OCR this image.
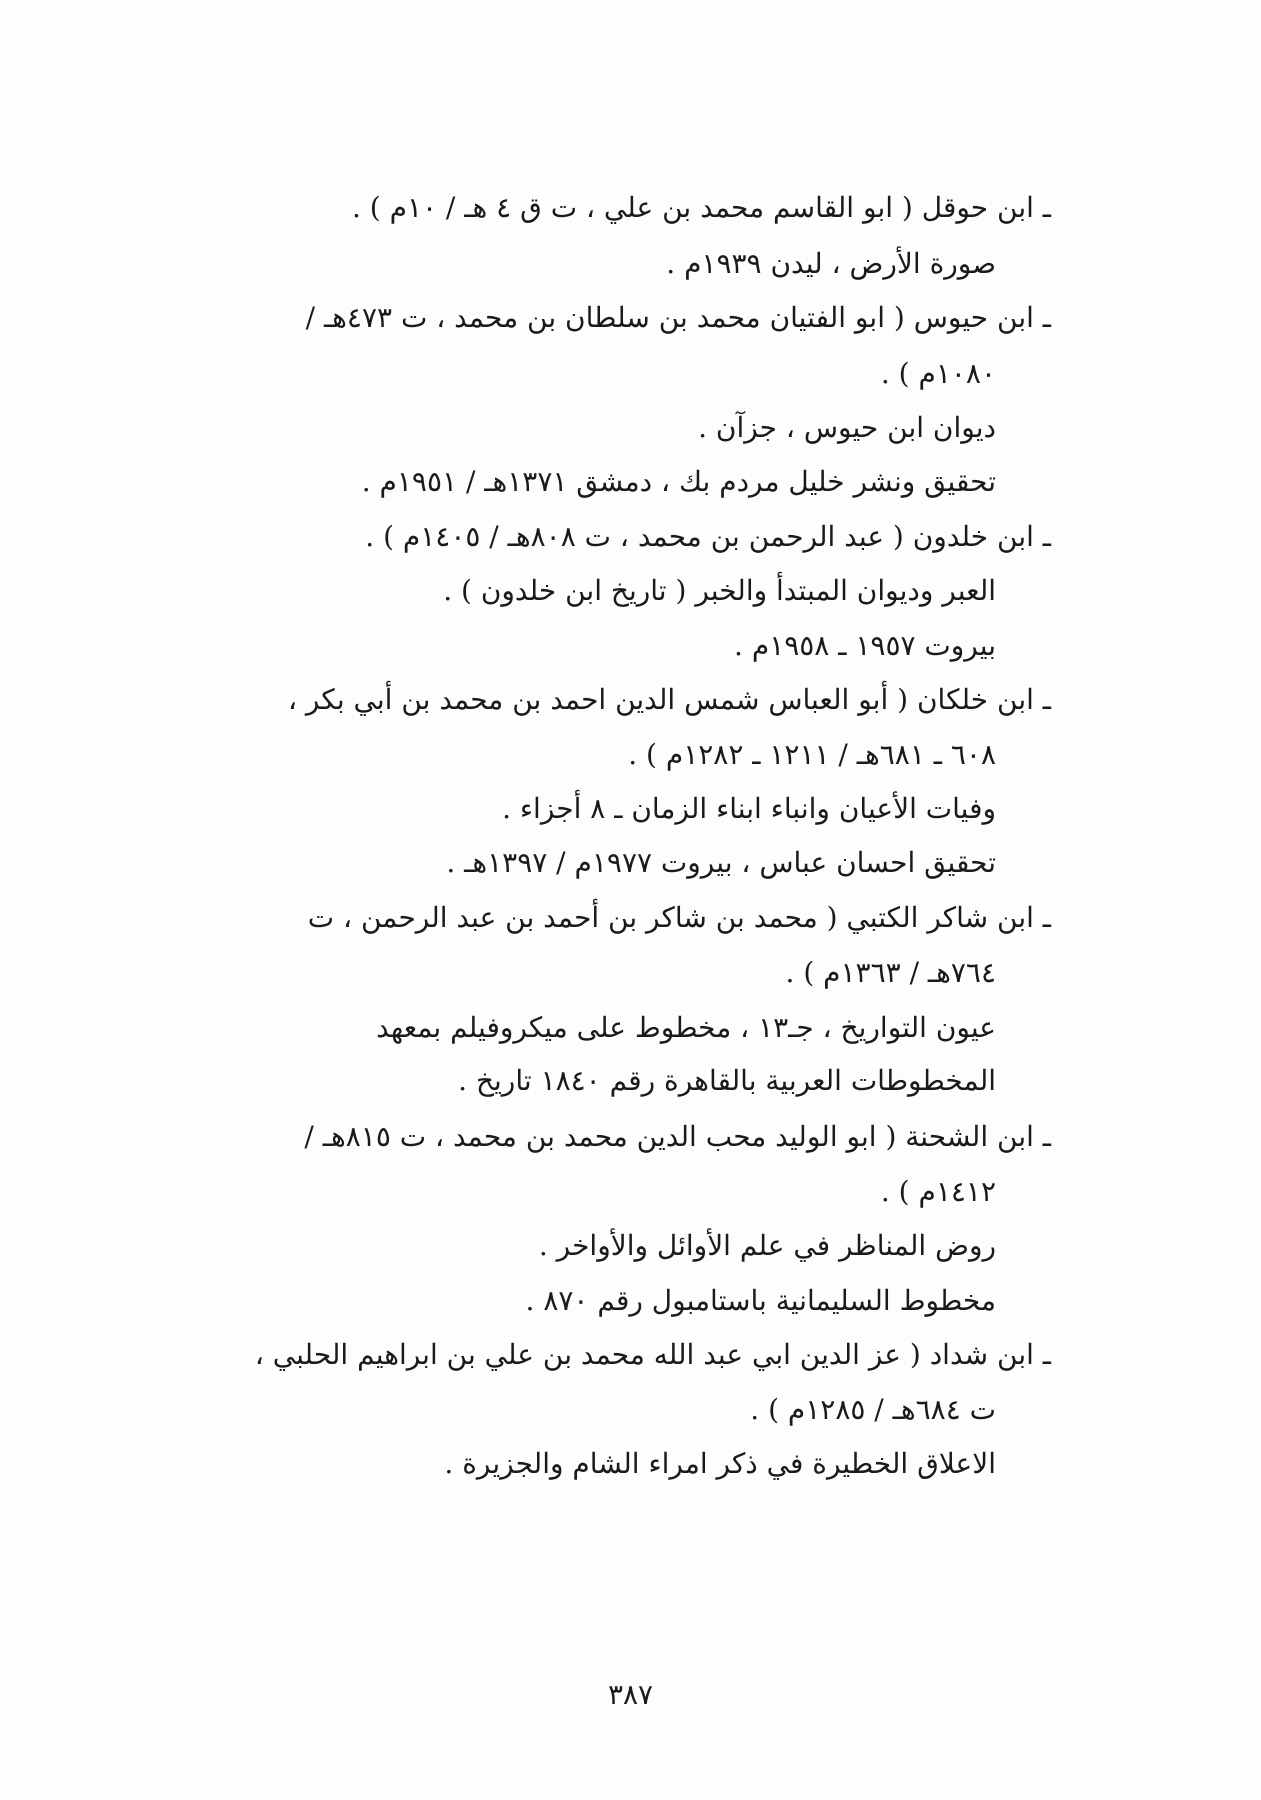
ـ ابن حوقل ( ابو القاسم محمد بن علي ، ت ق ٤ هـ / ١٠م ) .
صورة الأرض ، ليدن ١٩٣٩م .
ـ ابن حيوس ( ابو الفتيان محمد بن سلطان بن محمد ، ت ٤٧٣هـ /
١٠٨٠م ) .
ديوان ابن حيوس ، جزآن .
تحقيق ونشر خليل مردم بك ، دمشق ١٣٧١هـ / ١٩٥١م .
ـ ابن خلدون ( عبد الرحمن بن محمد ، ت ٨٠٨هـ / ١٤٠٥م ) .
العبر وديوان المبتدأ والخبر ( تاريخ ابن خلدون ) .
بيروت ١٩٥٧ ـ ١٩٥٨م .
ـ ابن خلكان ( أبو العباس شمس الدين احمد بن محمد بن أبي بكر ،
٦٠٨ ـ ٦٨١هـ / ١٢١١ ـ ١٢٨٢م ) .
وفيات الأعيان وانباء ابناء الزمان ـ ٨ أجزاء .
تحقيق احسان عباس ، بيروت ١٩٧٧م / ١٣٩٧هـ .
ـ ابن شاكر الكتبي ( محمد بن شاكر بن أحمد بن عبد الرحمن ، ت
٧٦٤هـ / ١٣٦٣م ) .
عيون التواريخ ، جـ١٣ ، مخطوط على ميكروفيلم بمعهد
المخطوطات العربية بالقاهرة رقم ١٨٤٠ تاريخ .
ـ ابن الشحنة ( ابو الوليد محب الدين محمد بن محمد ، ت ٨١٥هـ /
١٤١٢م ) .
روض المناظر في علم الأوائل والأواخر .
مخطوط السليمانية باستامبول رقم ٨٧٠ .
ـ ابن شداد ( عز الدين ابي عبد الله محمد بن علي بن ابراهيم الحلبي ،
ت ٦٨٤هـ / ١٢٨٥م ) .
الاعلاق الخطيرة في ذكر امراء الشام والجزيرة .
٣٨٧
